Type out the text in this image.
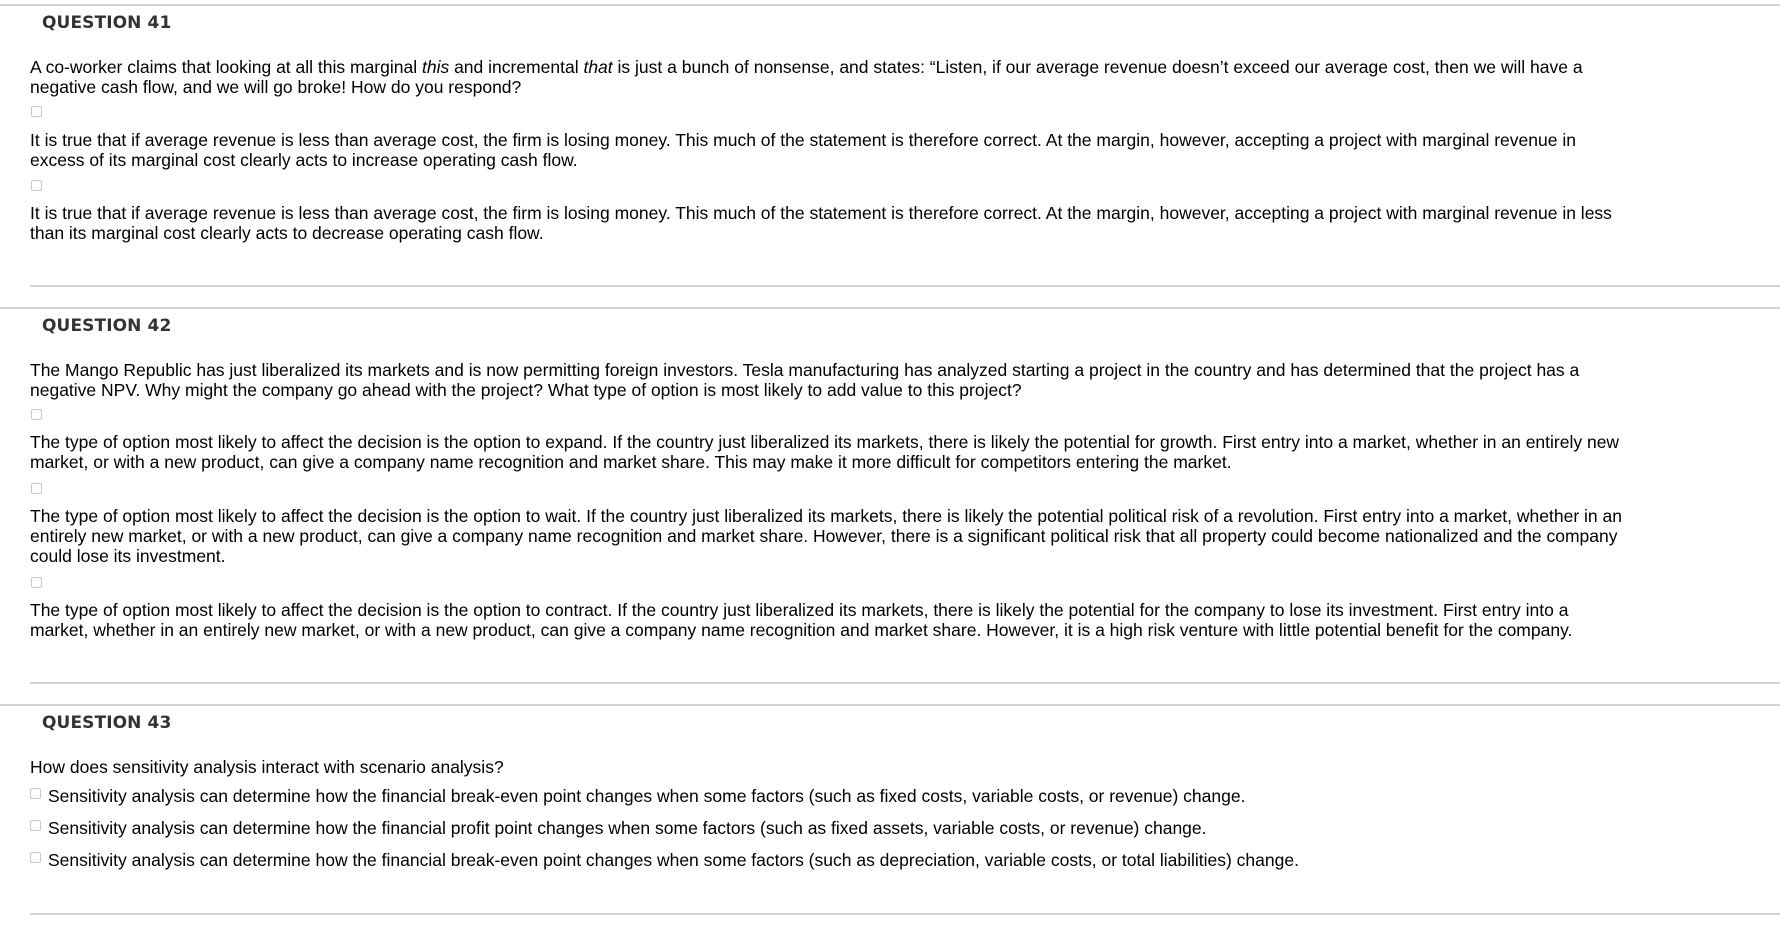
QUESTION 41
A co-worker claims that looking at all this marginal this and incremental that is just a bunch of nonsense, and states: “Listen, if our average revenue doesn’t exceed our average cost, then we will have a negative cash flow, and we will go broke! How do you respond?
It is true that if average revenue is less than average cost, the firm is losing money. This much of the statement is therefore correct. At the margin, however, accepting a project with marginal revenue in excess of its marginal cost clearly acts to increase operating cash flow.
It is true that if average revenue is less than average cost, the firm is losing money. This much of the statement is therefore correct. At the margin, however, accepting a project with marginal revenue in less than its marginal cost clearly acts to decrease operating cash flow.
QUESTION 42
The Mango Republic has just liberalized its markets and is now permitting foreign investors. Tesla manufacturing has analyzed starting a project in the country and has determined that the project has a negative NPV. Why might the company go ahead with the project? What type of option is most likely to add value to this project?
The type of option most likely to affect the decision is the option to expand. If the country just liberalized its markets, there is likely the potential for growth. First entry into a market, whether in an entirely new market, or with a new product, can give a company name recognition and market share. This may make it more difficult for competitors entering the market.
The type of option most likely to affect the decision is the option to wait. If the country just liberalized its markets, there is likely the potential political risk of a revolution. First entry into a market, whether in an entirely new market, or with a new product, can give a company name recognition and market share. However, there is a significant political risk that all property could become nationalized and the company could lose its investment.
The type of option most likely to affect the decision is the option to contract. If the country just liberalized its markets, there is likely the potential for the company to lose its investment. First entry into a market, whether in an entirely new market, or with a new product, can give a company name recognition and market share. However, it is a high risk venture with little potential benefit for the company.
QUESTION 43
How does sensitivity analysis interact with scenario analysis?
Sensitivity analysis can determine how the financial break-even point changes when some factors (such as fixed costs, variable costs, or revenue) change.
Sensitivity analysis can determine how the financial profit point changes when some factors (such as fixed assets, variable costs, or revenue) change.
Sensitivity analysis can determine how the financial break-even point changes when some factors (such as depreciation, variable costs, or total liabilities) change.
